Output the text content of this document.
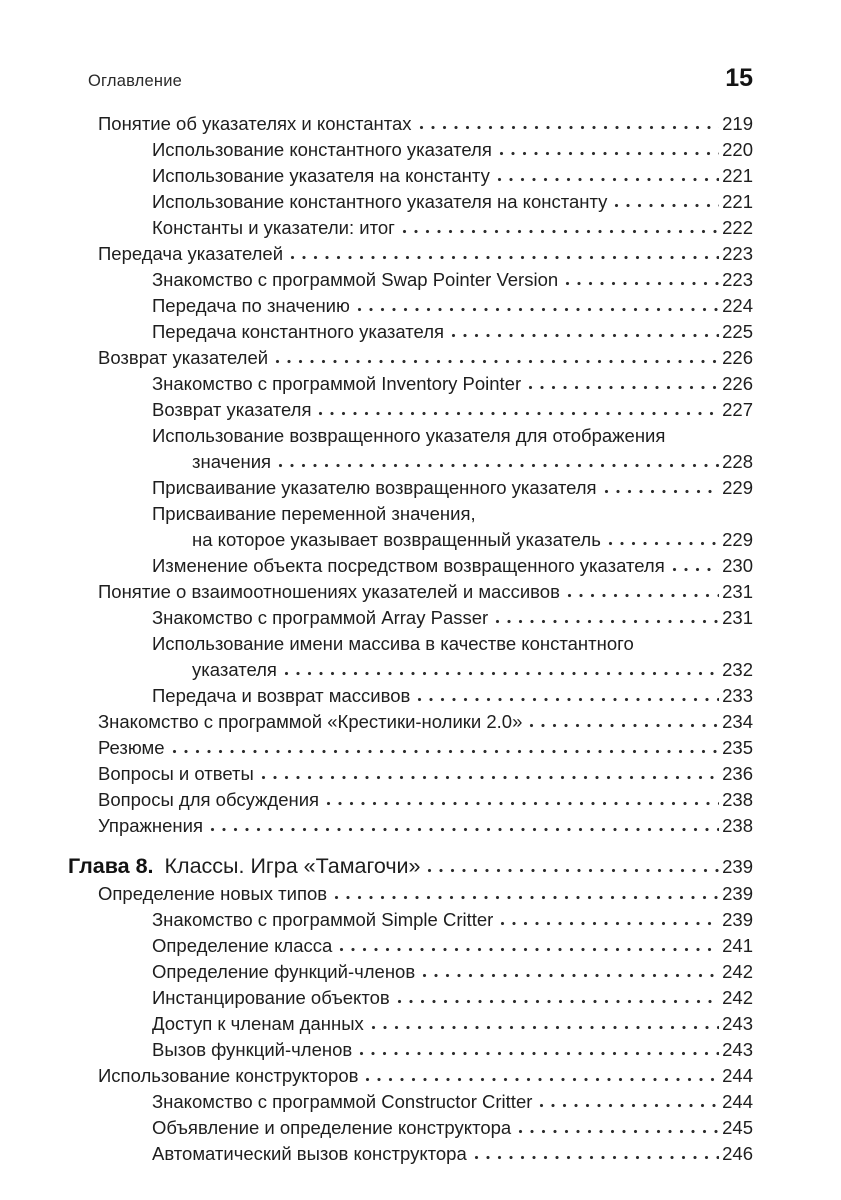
Оглавление	15
Понятие об указателях и константах	219
Использование константного указателя	220
Использование указателя на константу	221
Использование константного указателя на константу	221
Константы и указатели: итог	222
Передача указателей	223
Знакомство с программой Swap Pointer Version	223
Передача по значению	224
Передача константного указателя	225
Возврат указателей	226
Знакомство с программой Inventory Pointer	226
Возврат указателя	227
Использование возвращенного указателя для отображения
значения	228
Присваивание указателю возвращенного указателя	229
Присваивание переменной значения,
на которое указывает возвращенный указатель	229
Изменение объекта посредством возвращенного указателя	230
Понятие о взаимоотношениях указателей и массивов	231
Знакомство с программой Array Passer	231
Использование имени массива в качестве константного
указателя	232
Передача и возврат массивов	233
Знакомство с программой «Крестики-нолики 2.0»	234
Резюме	235
Вопросы и ответы	236
Вопросы для обсуждения	238
Упражнения	238
Глава 8. Классы. Игра «Тамагочи»	239
Определение новых типов	239
Знакомство с программой Simple Critter	239
Определение класса	241
Определение функций-членов	242
Инстанцирование объектов	242
Доступ к членам данных	243
Вызов функций-членов	243
Использование конструкторов	244
Знакомство с программой Constructor Critter	244
Объявление и определение конструктора	245
Автоматический вызов конструктора	246
